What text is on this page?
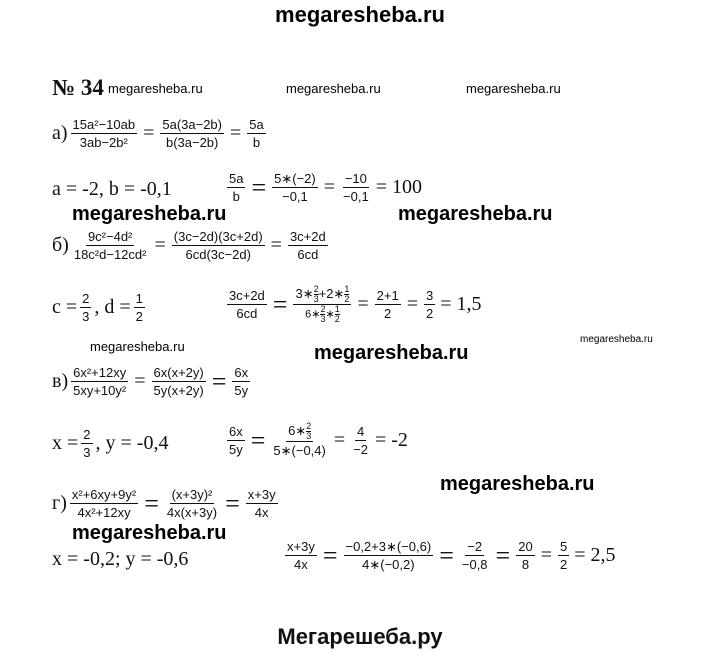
megaresheba.ru
№ 34 megaresheba.ru	megaresheba.ru	megaresheba.ru
megaresheba.ru	megaresheba.ru
megaresheba.ru	megaresheba.ru
megaresheba.ru
megaresheba.ru
megaresheba.ru
$а) \frac{\text{15a²−10ab}}{\text{3ab−2b²}} = \frac{5a(3a-2b)}{b(3a-2b)} = \frac{5a}{b}$
a = -2, b = -0,1	$\frac{5a}{b} = \frac{5∗(-2)}{-0,1} = \frac{-10}{-0,1} = 100$
$б) \frac{\text{9c²−4d²}}{\text{18c²d−12cd²}} = \frac{(3c-2d)(3c+2d)}{6cd(3c-2d)} = \frac{3c+2d}{6cd}$
$c = \frac{2}{3}$ , $d = \frac{1}{2}$	$\frac{3c+2d}{6cd} = \frac{3∗ \frac{2}{3} +2∗ \frac{1}{2}}{6∗ \frac{2}{3} ∗ \frac{1}{2}} = \frac{2+1}{2} = \frac{3}{2} = 1,5$
$в) \frac{\text{6x²+12xy}}{\text{5xy+10y²}} = \frac{6x(x+2y)}{5y(x+2y)} = \frac{6x}{5y}$
$x = \frac{2}{3}$ , y = -0,4	$\frac{6x}{5y} = \frac{6∗ \frac{2}{3}}{5∗(-0,4)} = \frac{4}{-2} = -2$
$г) \frac{\text{x²+6xy+9y²}}{\text{4x²+12xy}} = \frac{\text{(x+3y)²}}{4x(x+3y)} = \frac{x+3y}{4x}$
x = -0,2; y = -0,6	$\frac{x+3y}{4x} = \frac{-0,2+3∗(-0,6)}{4∗(-0,2)} = \frac{-2}{-0,8} = \frac{20}{8} = \frac{5}{2} = 2,5$
Мегарешеба.ру
